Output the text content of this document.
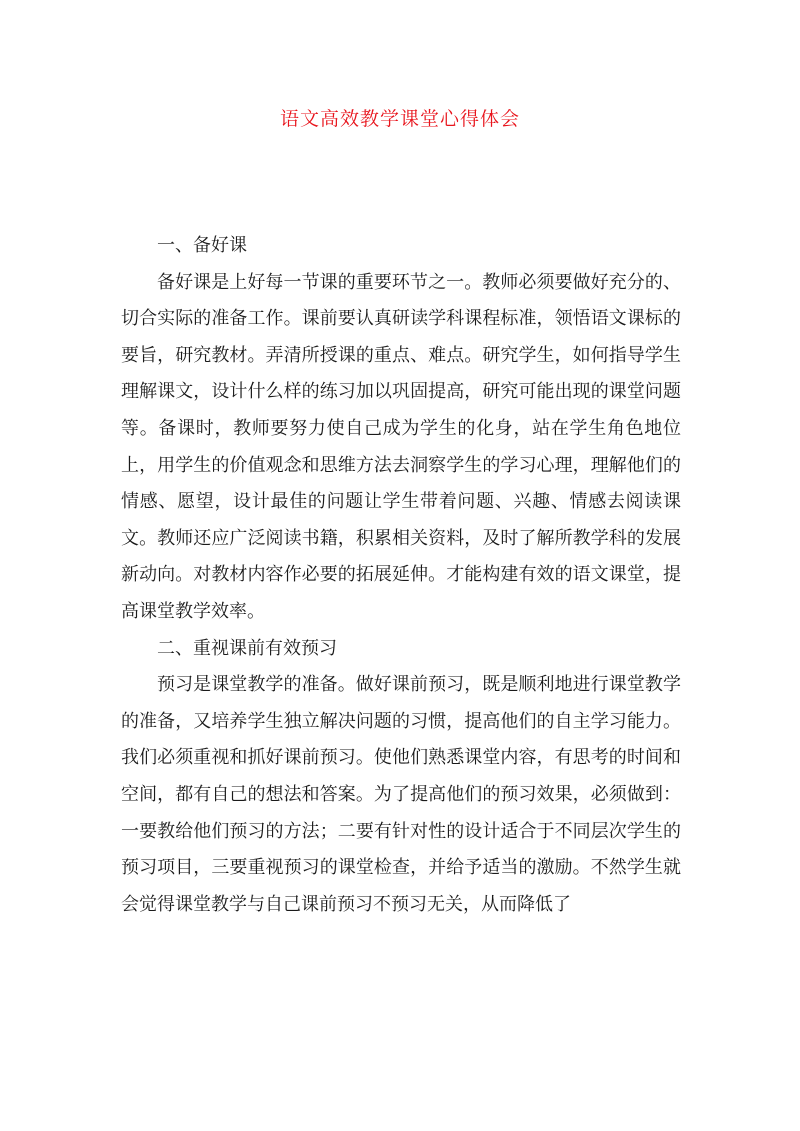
语文高效教学课堂心得体会

一、备好课

备好课是上好每一节课的重要环节之一。教师必须要做好充分的、切合实际的准备工作。课前要认真研读学科课程标准，领悟语文课标的要旨，研究教材。弄清所授课的重点、难点。研究学生，如何指导学生理解课文，设计什么样的练习加以巩固提高，研究可能出现的课堂问题等。备课时，教师要努力使自己成为学生的化身，站在学生角色地位上，用学生的价值观念和思维方法去洞察学生的学习心理，理解他们的情感、愿望，设计最佳的问题让学生带着问题、兴趣、情感去阅读课文。教师还应广泛阅读书籍，积累相关资料，及时了解所教学科的发展新动向。对教材内容作必要的拓展延伸。才能构建有效的语文课堂，提高课堂教学效率。

二、重视课前有效预习

预习是课堂教学的准备。做好课前预习，既是顺利地进行课堂教学的准备，又培养学生独立解决问题的习惯，提高他们的自主学习能力。我们必须重视和抓好课前预习。使他们熟悉课堂内容，有思考的时间和空间，都有自己的想法和答案。为了提高他们的预习效果，必须做到：一要教给他们预习的方法；二要有针对性的设计适合于不同层次学生的预习项目，三要重视预习的课堂检查，并给予适当的激励。不然学生就会觉得课堂教学与自己课前预习不预习无关，从而降低了
